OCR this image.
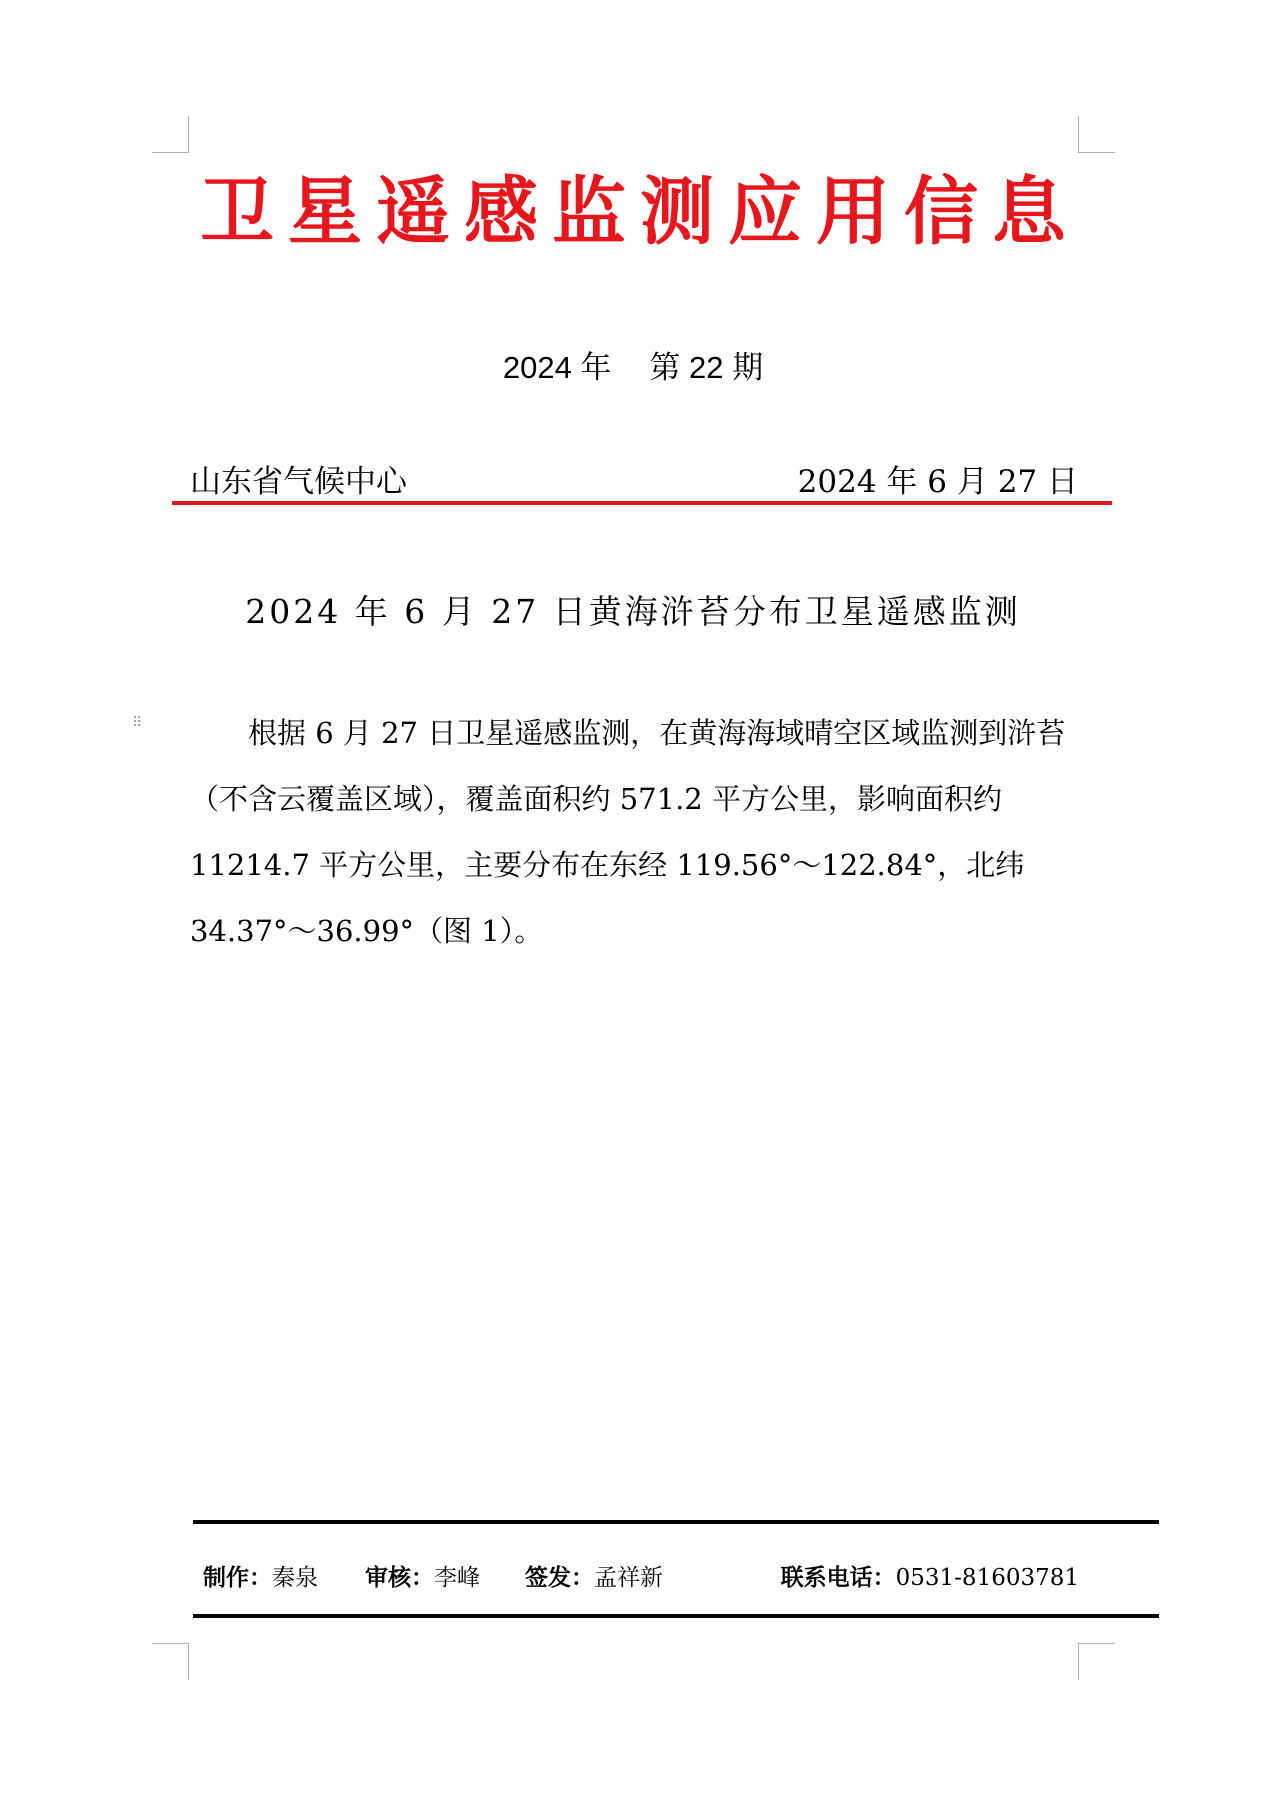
卫星遥感监测应用信息
2024 年 第 22 期
山东省气候中心	2024 年 6 月 27 日
2024 年 6 月 27 日黄海浒苔分布卫星遥感监测
⠿	根据 6 月 27 日卫星遥感监测，在黄海海域晴空区域监测到浒苔（不含云覆盖区域），覆盖面积约 571.2 平方公里，影响面积约 11214.7 平方公里，主要分布在东经 119.56°～122.84°，北纬 34.37°～36.99°（图 1）。

制作：秦泉 审核：李峰 签发：孟祥新	联系电话：0531-81603781
